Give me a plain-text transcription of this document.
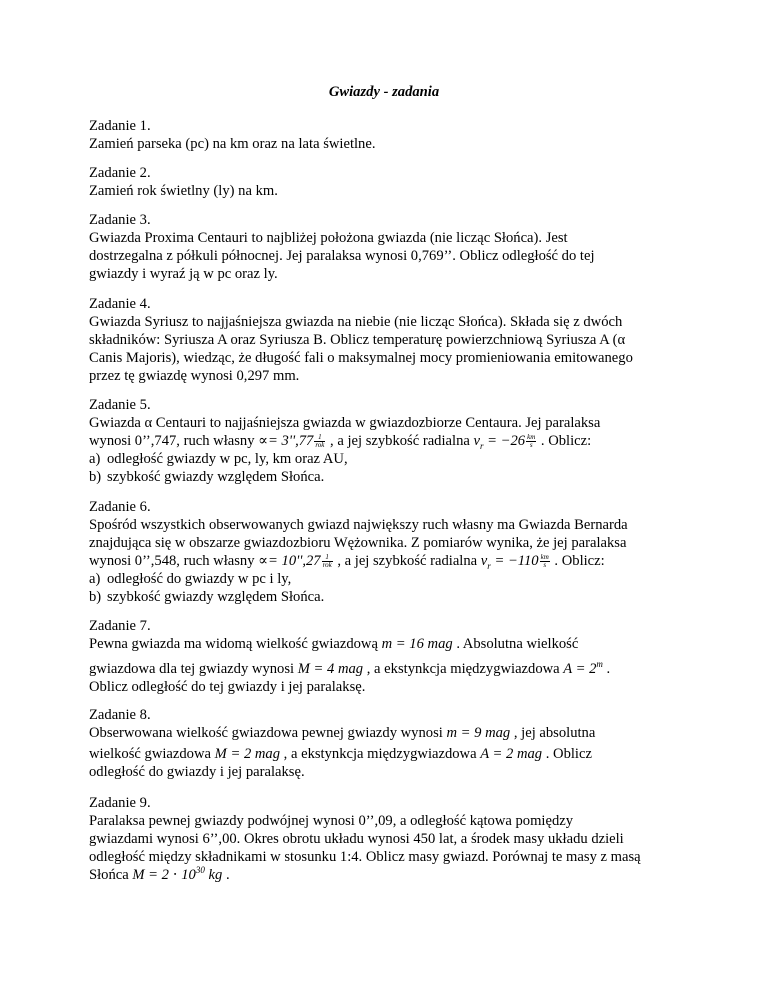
Gwiazdy - zadania

Zadanie 1.

Zamień parseka (pc) na km oraz na lata świetlne.

Zadanie 2.

Zamień rok świetlny (ly) na km.

Zadanie 3.

Gwiazda Proxima Centauri to najbliżej położona gwiazda (nie licząc Słońca). Jest

dostrzegalna z półkuli północnej. Jej paralaksa wynosi 0,769’’. Oblicz odległość do tej

gwiazdy i wyraź ją w pc oraz ly.

Zadanie 4.

Gwiazda Syriusz to najjaśniejsza gwiazda na niebie (nie licząc Słońca). Składa się z dwóch

składników: Syriusza A oraz Syriusza B. Oblicz temperaturę powierzchniową Syriusza A (α

Canis Majoris), wiedząc, że długość fali o maksymalnej mocy promieniowania emitowanego

przez tę gwiazdę wynosi 0,297 mm.

Zadanie 5.

Gwiazda α Centauri to najjaśniejsza gwiazda w gwiazdozbiorze Centaura. Jej paralaksa

wynosi 0’’,747, ruch własny ∝= $3'',77 \frac{1}{\text{rok}}$ , a jej szybkość radialna $v_r = -26 \frac{km}{s}$ . Oblicz:

a) odległość gwiazdy w pc, ly, km oraz AU,
b) szybkość gwiazdy względem Słońca.

Zadanie 6.

Spośród wszystkich obserwowanych gwiazd największy ruch własny ma Gwiazda Bernarda

znajdująca się w obszarze gwiazdozbioru Wężownika. Z pomiarów wynika, że jej paralaksa

wynosi 0’’,548, ruch własny ∝= $10'',27 \frac{1}{\text{rok}}$ , a jej szybkość radialna $v_r = -110 \frac{km}{s}$ . Oblicz:

a) odległość do gwiazdy w pc i ly,
b) szybkość gwiazdy względem Słońca.

Zadanie 7.

Pewna gwiazda ma widomą wielkość gwiazdową m = 16 mag . Absolutna wielkość

gwiazdowa dla tej gwiazdy wynosi M = 4 mag , a ekstynkcja międzygwiazdowa $A = 2^m$ .

Oblicz odległość do tej gwiazdy i jej paralaksę.

Zadanie 8.

Obserwowana wielkość gwiazdowa pewnej gwiazdy wynosi m = 9 mag , jej absolutna

wielkość gwiazdowa M = 2 mag , a ekstynkcja międzygwiazdowa A = 2 mag . Oblicz

odległość do gwiazdy i jej paralaksę.

Zadanie 9.

Paralaksa pewnej gwiazdy podwójnej wynosi 0’’,09, a odległość kątowa pomiędzy

gwiazdami wynosi 6’’,00. Okres obrotu układu wynosi 450 lat, a środek masy układu dzieli

odległość między składnikami w stosunku 1:4. Oblicz masy gwiazd. Porównaj te masy z masą

Słońca $M = 2 \cdot 10^{30}$ kg .
